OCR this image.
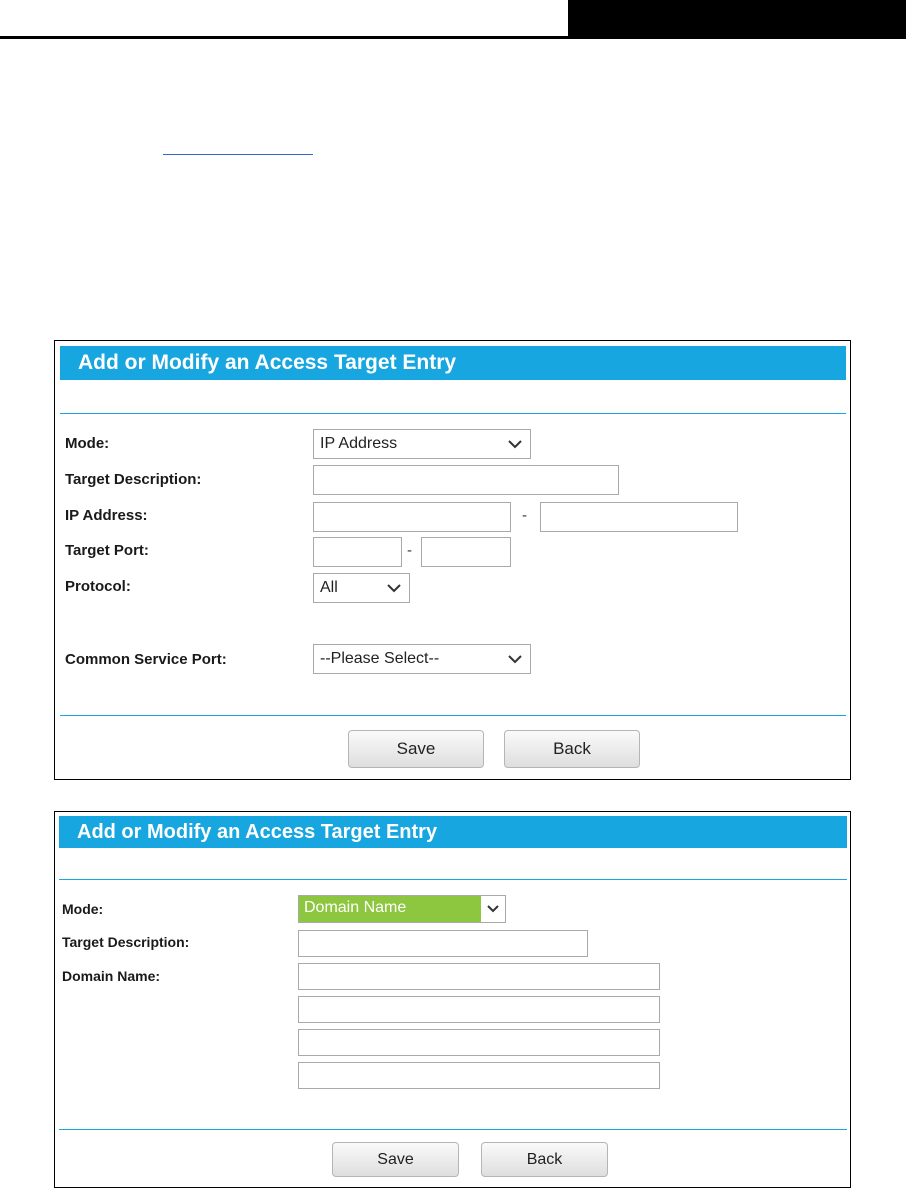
Add or Modify an Access Target Entry
Mode:	IP Address
Target Description:
IP Address:	-
Target Port:	-
Protocol:	All
Common Service Port:	--Please Select--
Save	Back
Add or Modify an Access Target Entry
Mode:	Domain Name
Target Description:
Domain Name:
Save	Back
